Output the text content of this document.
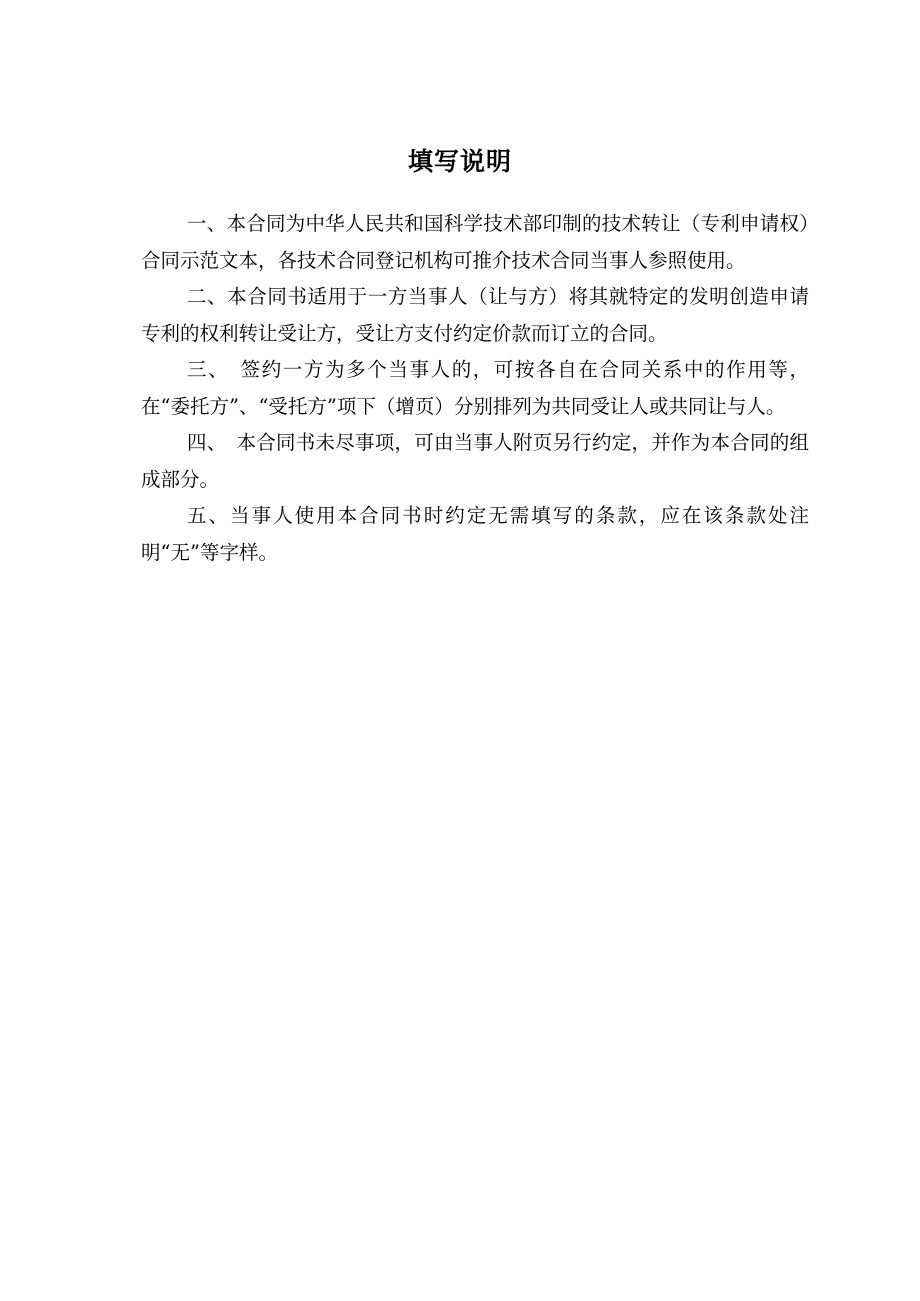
填写说明

一、本合同为中华人民共和国科学技术部印制的技术转让（专利申请权）合同示范文本，各技术合同登记机构可推介技术合同当事人参照使用。

二、本合同书适用于一方当事人（让与方）将其就特定的发明创造申请专利的权利转让受让方，受让方支付约定价款而订立的合同。

三、　签约一方为多个当事人的，可按各自在合同关系中的作用等，在“委托方”、“受托方”项下（增页）分别排列为共同受让人或共同让与人。

四、　本合同书未尽事项，可由当事人附页另行约定，并作为本合同的组成部分。

五、当事人使用本合同书时约定无需填写的条款，应在该条款处注明“无”等字样。
